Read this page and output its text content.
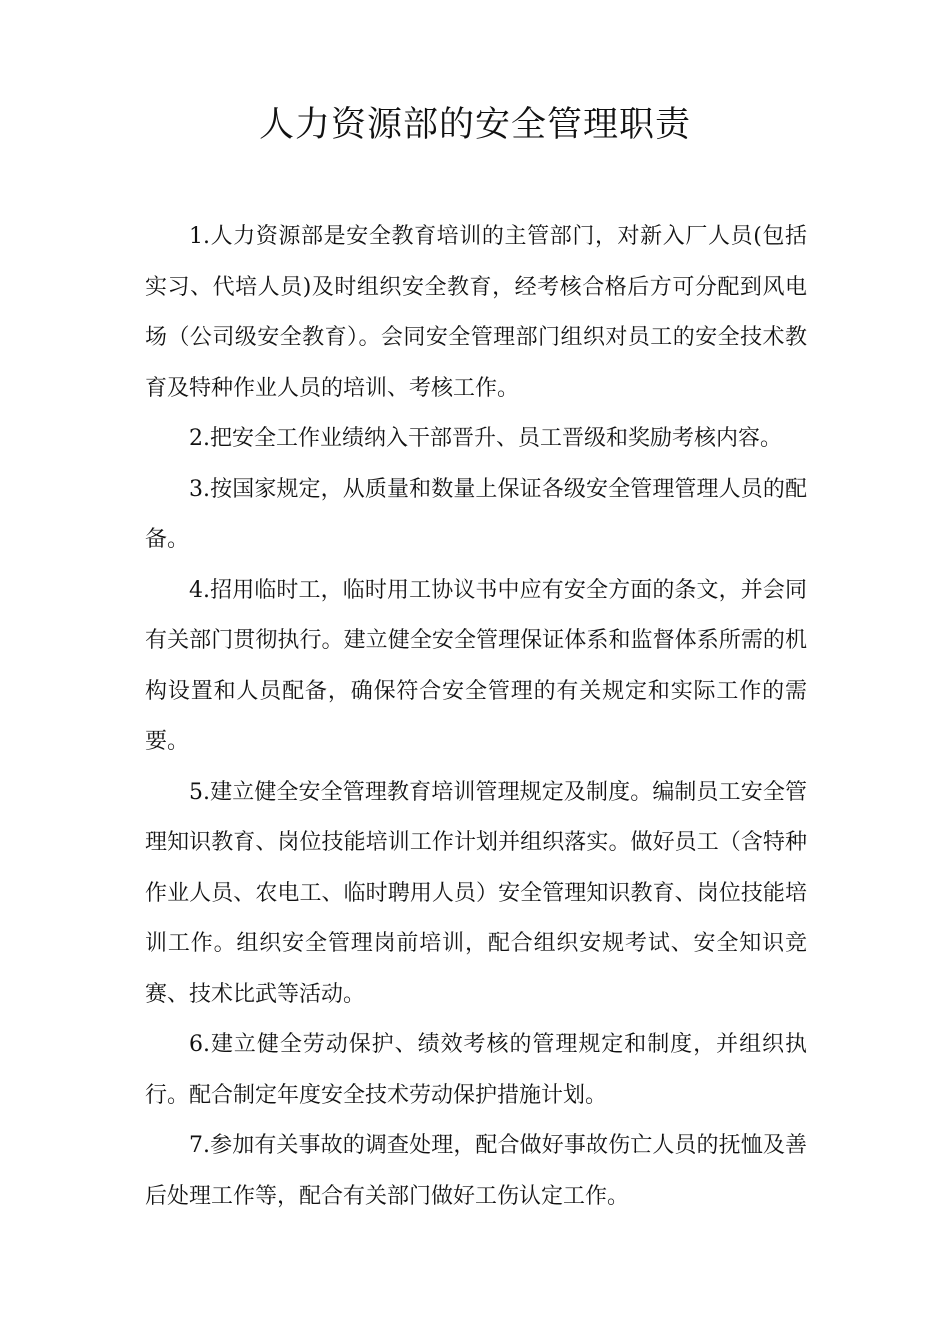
人力资源部的安全管理职责

1.人力资源部是安全教育培训的主管部门，对新入厂人员(包括实习、代培人员)及时组织安全教育，经考核合格后方可分配到风电场（公司级安全教育）。会同安全管理部门组织对员工的安全技术教育及特种作业人员的培训、考核工作。

2.把安全工作业绩纳入干部晋升、员工晋级和奖励考核内容。

3.按国家规定，从质量和数量上保证各级安全管理管理人员的配备。

4.招用临时工，临时用工协议书中应有安全方面的条文，并会同有关部门贯彻执行。建立健全安全管理保证体系和监督体系所需的机构设置和人员配备，确保符合安全管理的有关规定和实际工作的需要。

5.建立健全安全管理教育培训管理规定及制度。编制员工安全管理知识教育、岗位技能培训工作计划并组织落实。做好员工（含特种作业人员、农电工、临时聘用人员）安全管理知识教育、岗位技能培训工作。组织安全管理岗前培训，配合组织安规考试、安全知识竞赛、技术比武等活动。

6.建立健全劳动保护、绩效考核的管理规定和制度，并组织执行。配合制定年度安全技术劳动保护措施计划。

7.参加有关事故的调查处理，配合做好事故伤亡人员的抚恤及善后处理工作等，配合有关部门做好工伤认定工作。
